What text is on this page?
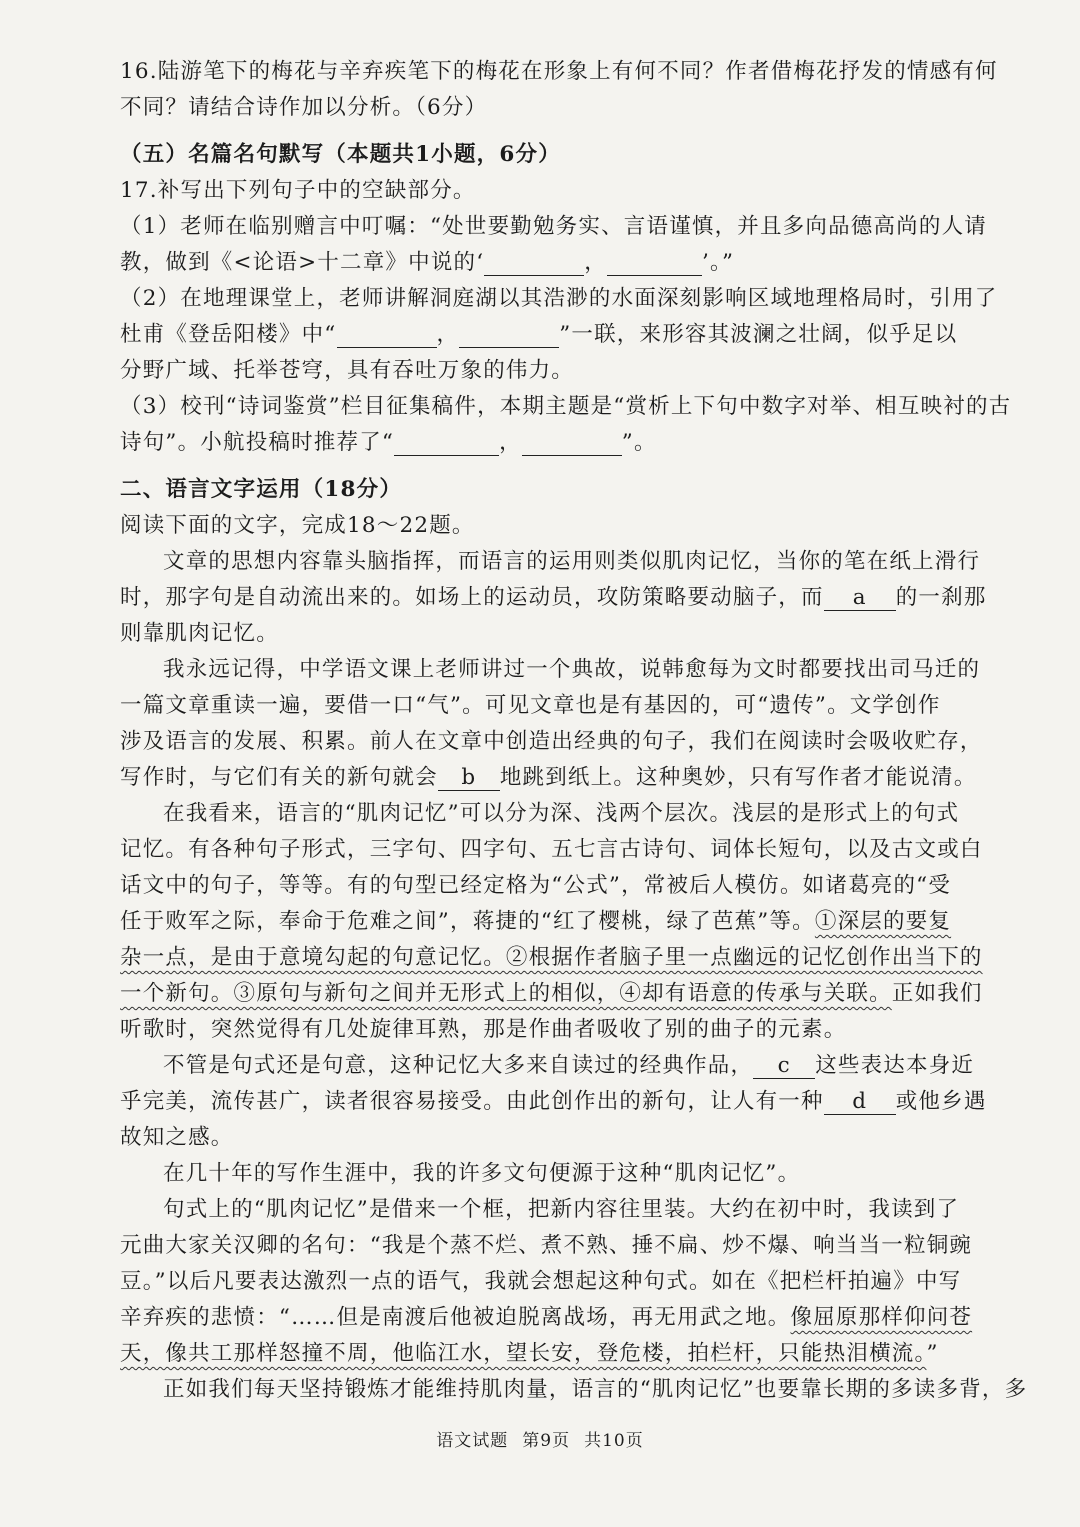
16.陆游笔下的梅花与辛弃疾笔下的梅花在形象上有何不同？作者借梅花抒发的情感有何
不同？请结合诗作加以分析。（6分）
（五）名篇名句默写（本题共1小题，6分）
17.补写出下列句子中的空缺部分。
（1）老师在临别赠言中叮嘱：“处世要勤勉务实、言语谨慎，并且多向品德高尚的人请
教，做到《<论语>十二章》中说的‘	，	’。”
（2）在地理课堂上，老师讲解洞庭湖以其浩渺的水面深刻影响区域地理格局时，引用了
杜甫《登岳阳楼》中“	，	”一联，来形容其波澜之壮阔，似乎足以
分野广域、托举苍穹，具有吞吐万象的伟力。
（3）校刊“诗词鉴赏”栏目征集稿件，本期主题是“赏析上下句中数字对举、相互映衬的古
诗句”。小航投稿时推荐了“	，	”。
二、语言文字运用（18分）
阅读下面的文字，完成18～22题。
文章的思想内容靠头脑指挥，而语言的运用则类似肌肉记忆，当你的笔在纸上滑行
时，那字句是自动流出来的。如场上的运动员，攻防策略要动脑子，而 a 的一刹那
则靠肌肉记忆。
我永远记得，中学语文课上老师讲过一个典故，说韩愈每为文时都要找出司马迁的
一篇文章重读一遍，要借一口“气”。可见文章也是有基因的，可“遗传”。文学创作
涉及语言的发展、积累。前人在文章中创造出经典的句子，我们在阅读时会吸收贮存，
写作时，与它们有关的新句就会 b 地跳到纸上。这种奥妙，只有写作者才能说清。
在我看来，语言的“肌肉记忆”可以分为深、浅两个层次。浅层的是形式上的句式
记忆。有各种句子形式，三字句、四字句、五七言古诗句、词体长短句，以及古文或白
话文中的句子，等等。有的句型已经定格为“公式”，常被后人模仿。如诸葛亮的“受
任于败军之际，奉命于危难之间”，蒋捷的“红了樱桃，绿了芭蕉”等。①深层的要复
杂一点，是由于意境勾起的句意记忆。②根据作者脑子里一点幽远的记忆创作出当下的
一个新句。③原句与新句之间并无形式上的相似，④却有语意的传承与关联。正如我们
听歌时，突然觉得有几处旋律耳熟，那是作曲者吸收了别的曲子的元素。
不管是句式还是句意，这种记忆大多来自读过的经典作品， c 这些表达本身近
乎完美，流传甚广，读者很容易接受。由此创作出的新句，让人有一种 d 或他乡遇
故知之感。
在几十年的写作生涯中，我的许多文句便源于这种“肌肉记忆”。
句式上的“肌肉记忆”是借来一个框，把新内容往里装。大约在初中时，我读到了
元曲大家关汉卿的名句：“我是个蒸不烂、煮不熟、捶不扁、炒不爆、响当当一粒铜豌
豆。”以后凡要表达激烈一点的语气，我就会想起这种句式。如在《把栏杆拍遍》中写
辛弃疾的悲愤：“……但是南渡后他被迫脱离战场，再无用武之地。像屈原那样仰问苍
天，像共工那样怒撞不周，他临江水，望长安，登危楼，拍栏杆，只能热泪横流。”
正如我们每天坚持锻炼才能维持肌肉量，语言的“肌肉记忆”也要靠长期的多读多背，多
语文试题 第9页 共10页
